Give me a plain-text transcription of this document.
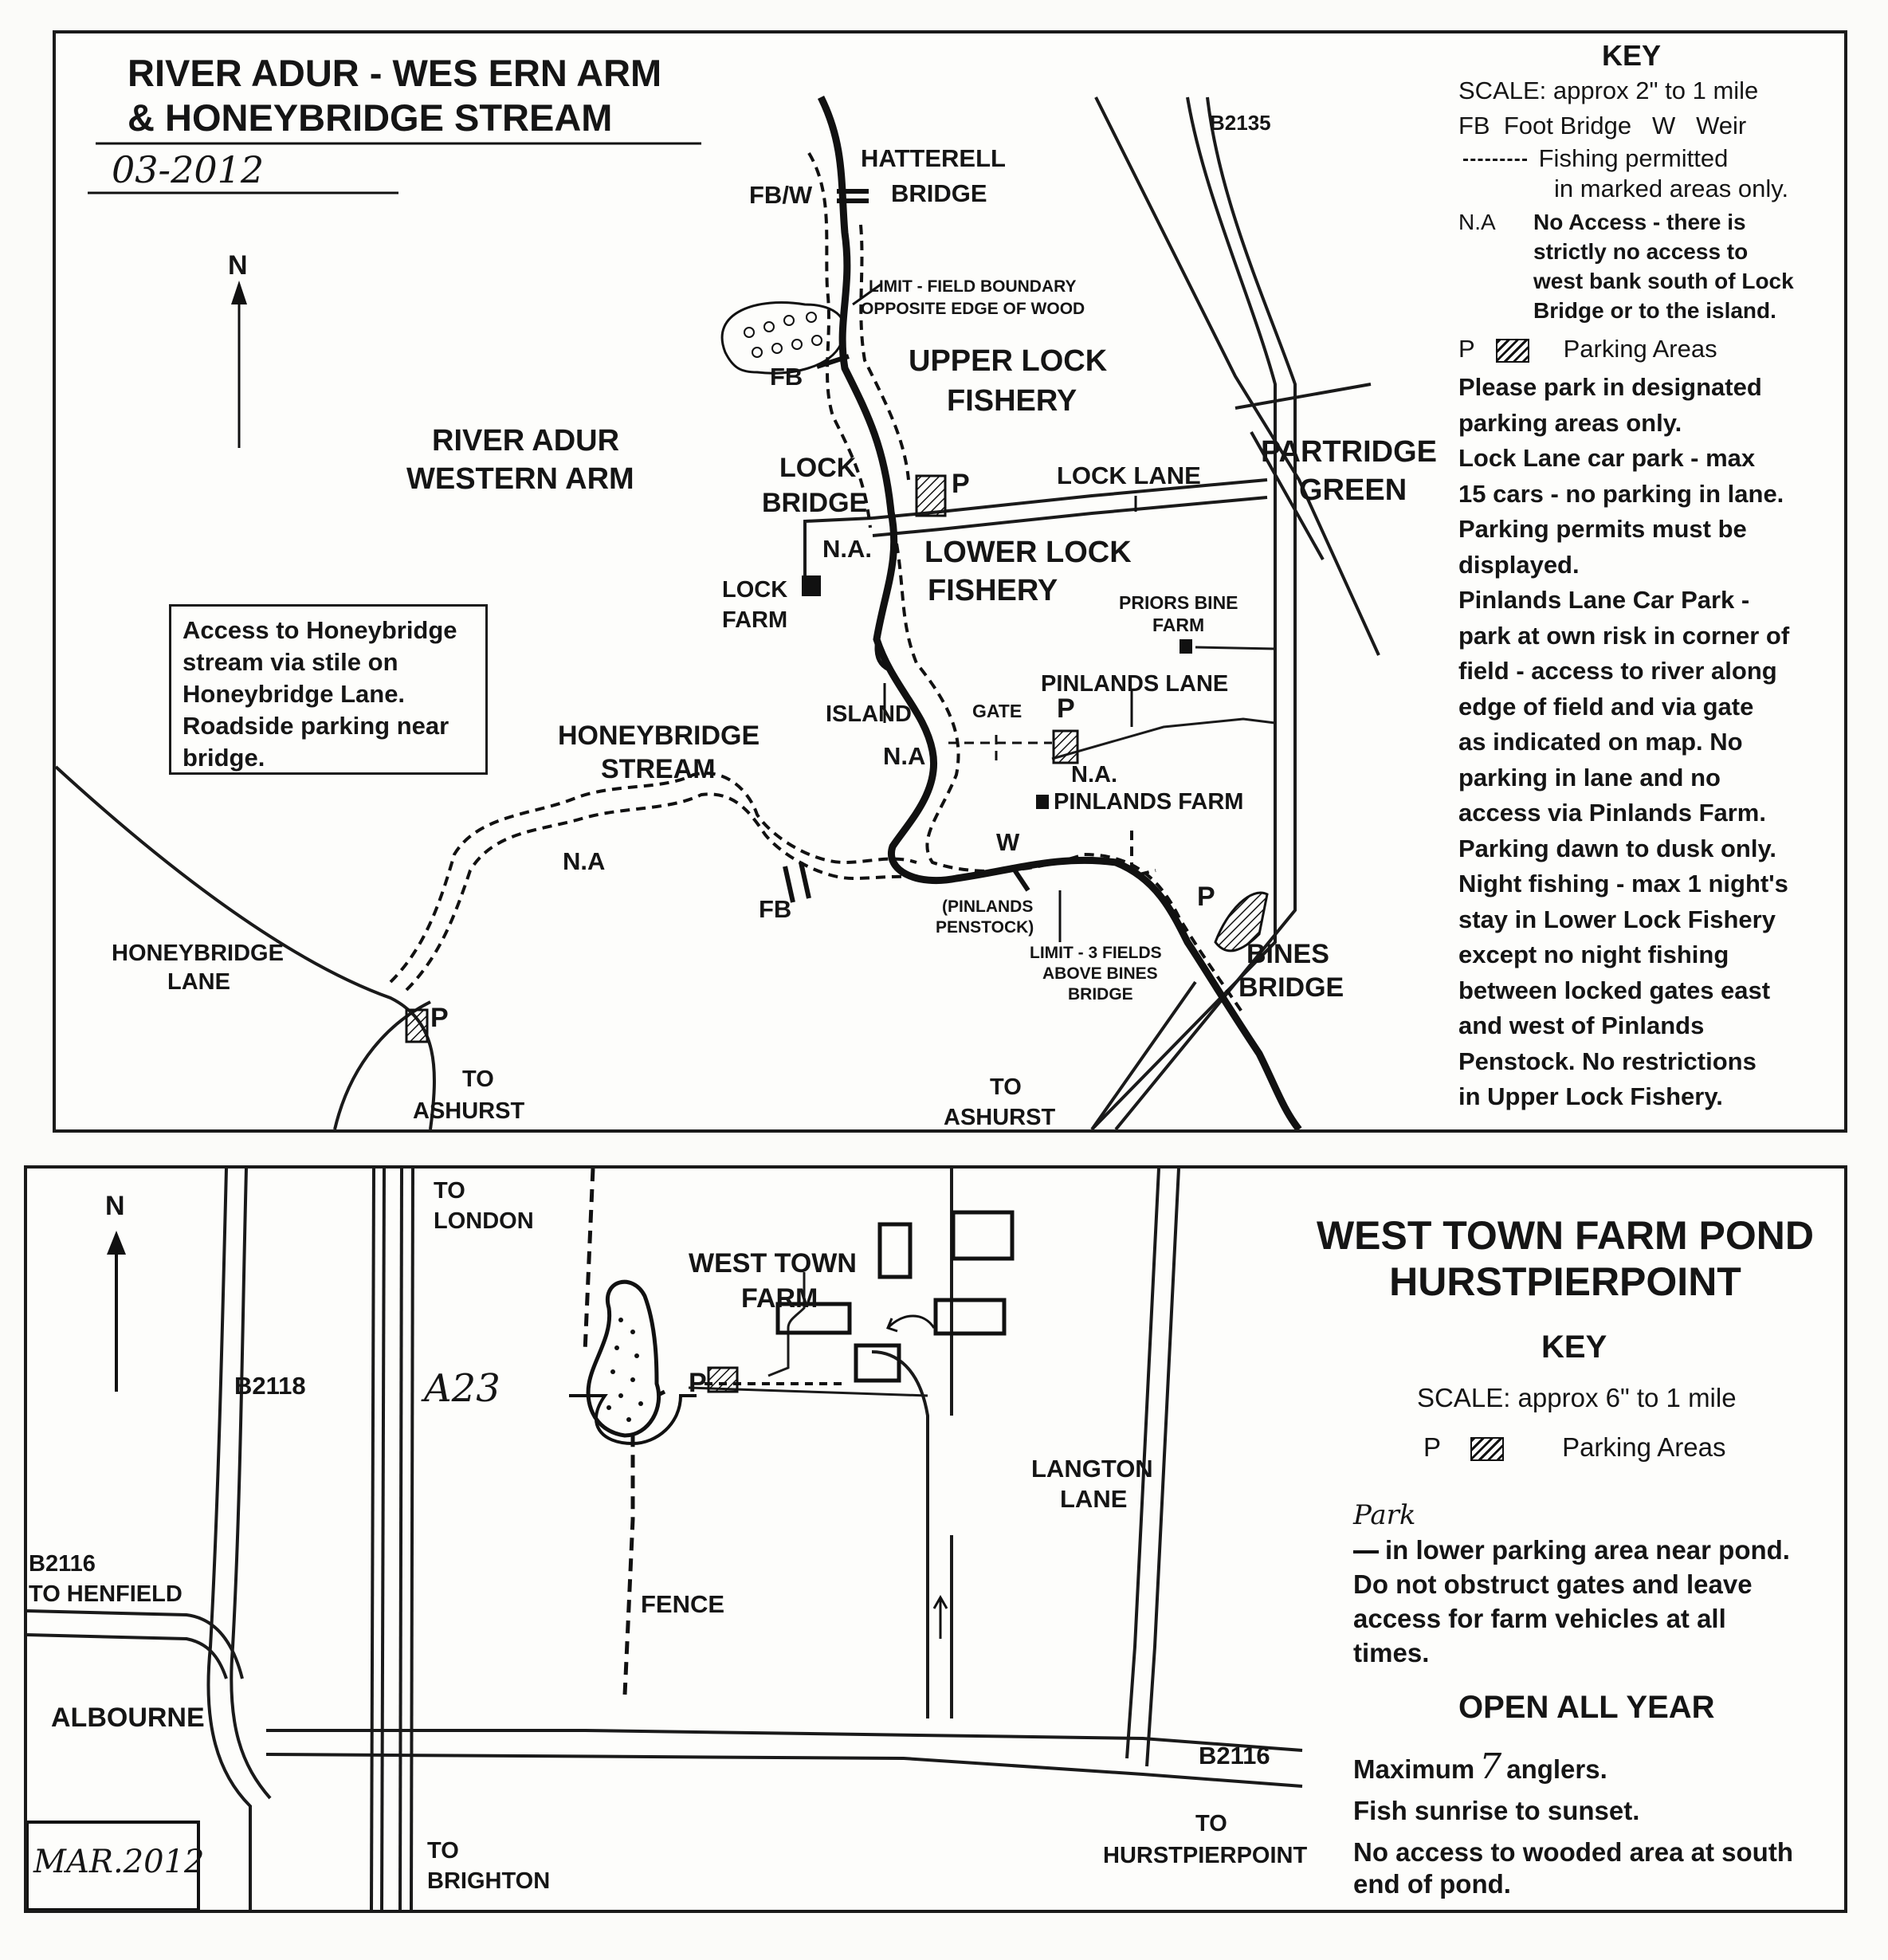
RIVER ADUR - WES ERN ARM
& HONEYBRIDGE STREAM
03-2012
N
HATTERELL
BRIDGE
FB/W
LIMIT - FIELD BOUNDARY
OPPOSITE EDGE OF WOOD
FB	UPPER LOCK
FISHERY
B2135
RIVER ADUR
WESTERN ARM	LOCK
BRIDGE
P	LOCK LANE
PARTRIDGE
GREEN
N.A. LOWER LOCK
FISHERY
LOCK
FARM
PRIORS BINE
FARM
PINLANDS LANE
ISLAND	GATE P
HONEYBRIDGE
STREAM	N.A
N.A.
PINLANDS FARM
N.A
W
FB	(PINLANDS
PENSTOCK)
LIMIT - 3 FIELDS
ABOVE BINES
BRIDGE
P
BINES
BRIDGE
HONEYBRIDGE
LANE
P
TO
ASHURST
TO
ASHURST
Access to Honeybridge
stream via stile on
Honeybridge Lane.
Roadside parking near
bridge.
KEY
SCALE: approx 2" to 1 mile
FB Foot Bridge W Weir
Fishing permitted
in marked areas only.
N.A	No Access - there is
strictly no access to
west bank south of Lock
Bridge or to the island.
P	Parking Areas
Please park in designated
parking areas only.
Lock Lane car park - max
15 cars - no parking in lane.
Parking permits must be
displayed.
Pinlands Lane Car Park -
park at own risk in corner of
field - access to river along
edge of field and via gate
as indicated on map. No
parking in lane and no
access via Pinlands Farm.
Parking dawn to dusk only.
Night fishing - max 1 night's
stay in Lower Lock Fishery
except no night fishing
between locked gates east
and west of Pinlands
Penstock. No restrictions
in Upper Lock Fishery.
N	TO
LONDON
WEST TOWN
FARM
B2118	A23	P
LANGTON
LANE
B2116
TO HENFIELD	FENCE
ALBOURNE
B2116
TO
HURSTPIERPOINT
TO
BRIGHTON
MAR.2012
WEST TOWN FARM POND
HURSTPIERPOINT
KEY
SCALE: approx 6" to 1 mile
P	Parking Areas
Park
in lower parking area near pond.
Do not obstruct gates and leave
access for farm vehicles at all
times.
OPEN ALL YEAR
Maximum 7 anglers.
Fish sunrise to sunset.
No access to wooded area at south
end of pond.
